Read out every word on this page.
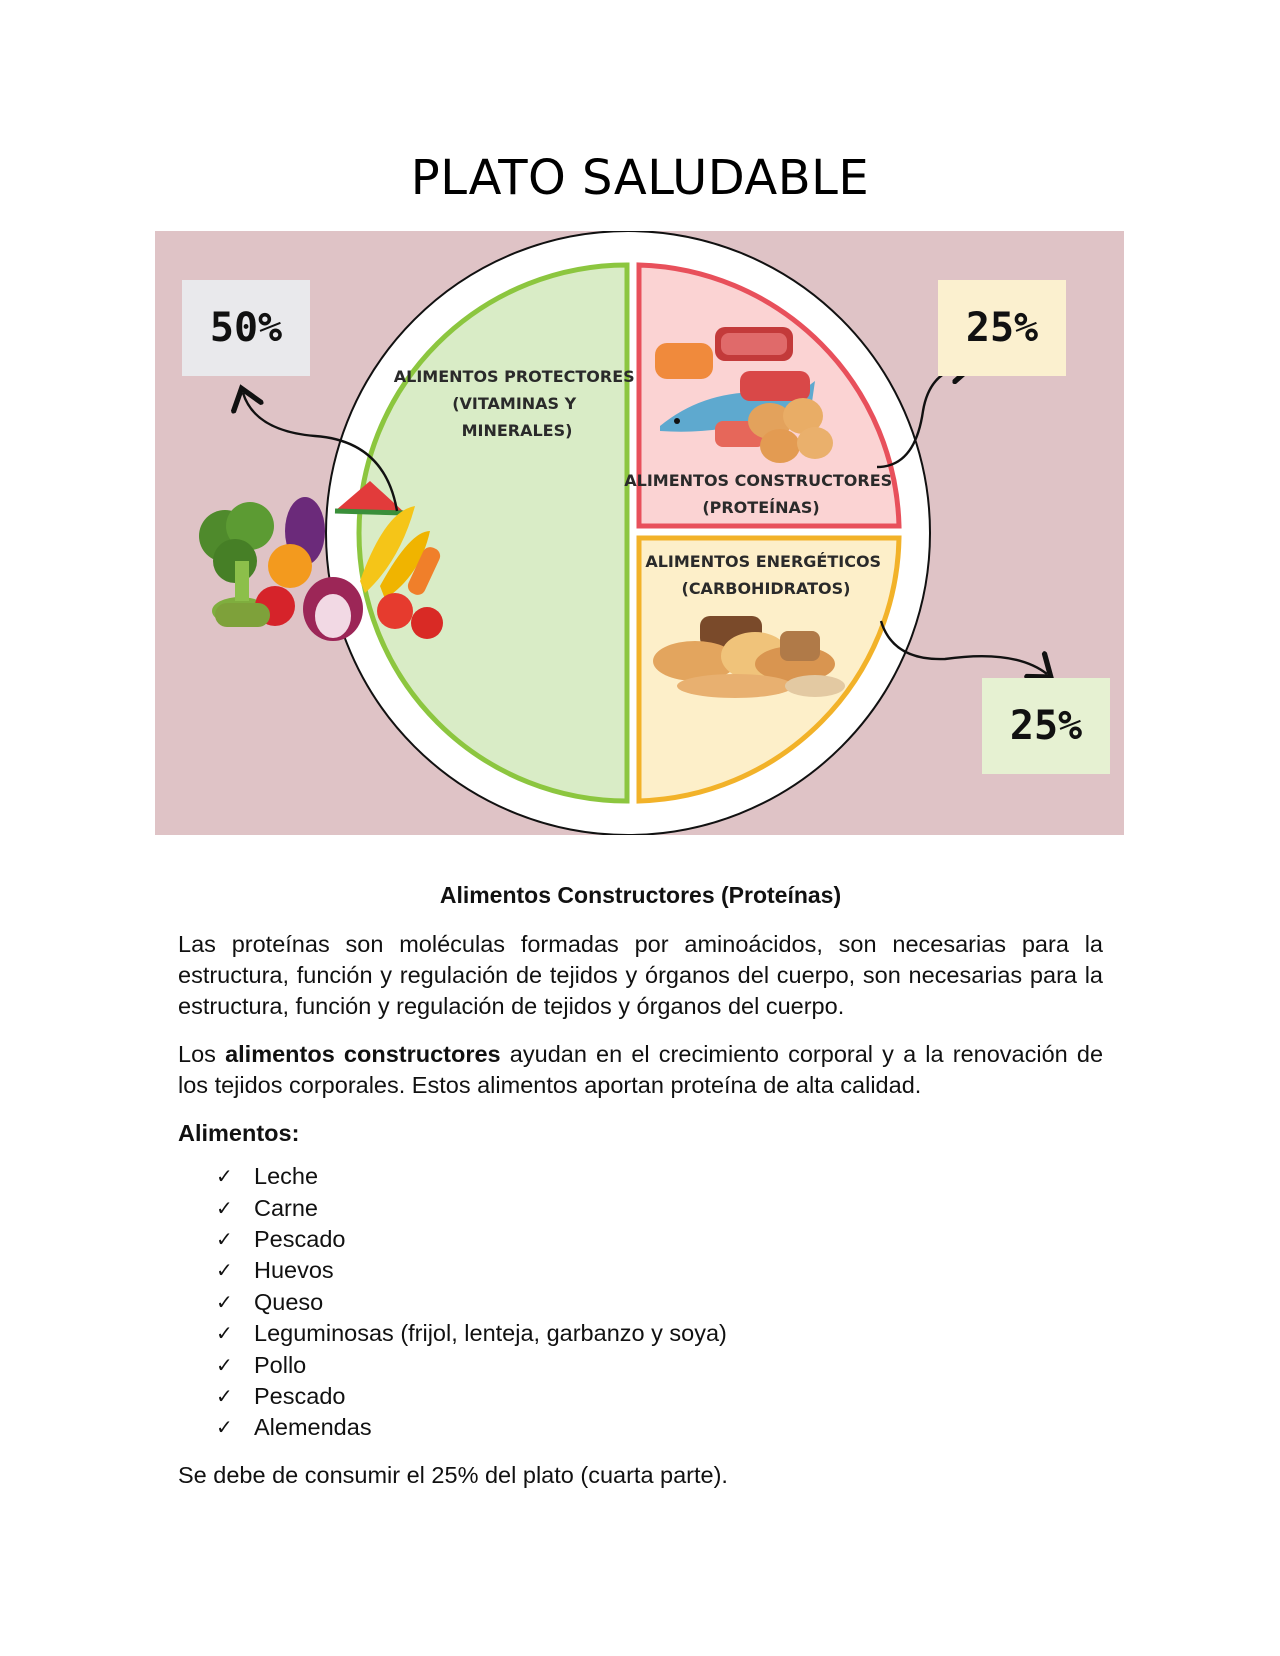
PLATO SALUDABLE
ALIMENTOS PROTECTORES (VITAMINAS Y MINERALES)
ALIMENTOS CONSTRUCTORES (PROTEÍNAS)
ALIMENTOS ENERGÉTICOS (CARBOHIDRATOS)
50%	25%
25%

Alimentos Constructores (Proteínas)

Las proteínas son moléculas formadas por aminoácidos, son necesarias para la estructura, función y regulación de tejidos y órganos del cuerpo, son necesarias para la estructura, función y regulación de tejidos y órganos del cuerpo.

Los alimentos constructores ayudan en el crecimiento corporal y a la renovación de los tejidos corporales. Estos alimentos aportan proteína de alta calidad.

Alimentos:

✓ Leche
✓ Carne
✓ Pescado
✓ Huevos
✓ Queso
✓ Leguminosas (frijol, lenteja, garbanzo y soya)
✓ Pollo
✓ Pescado
✓ Alemendas

Se debe de consumir el 25% del plato (cuarta parte).
